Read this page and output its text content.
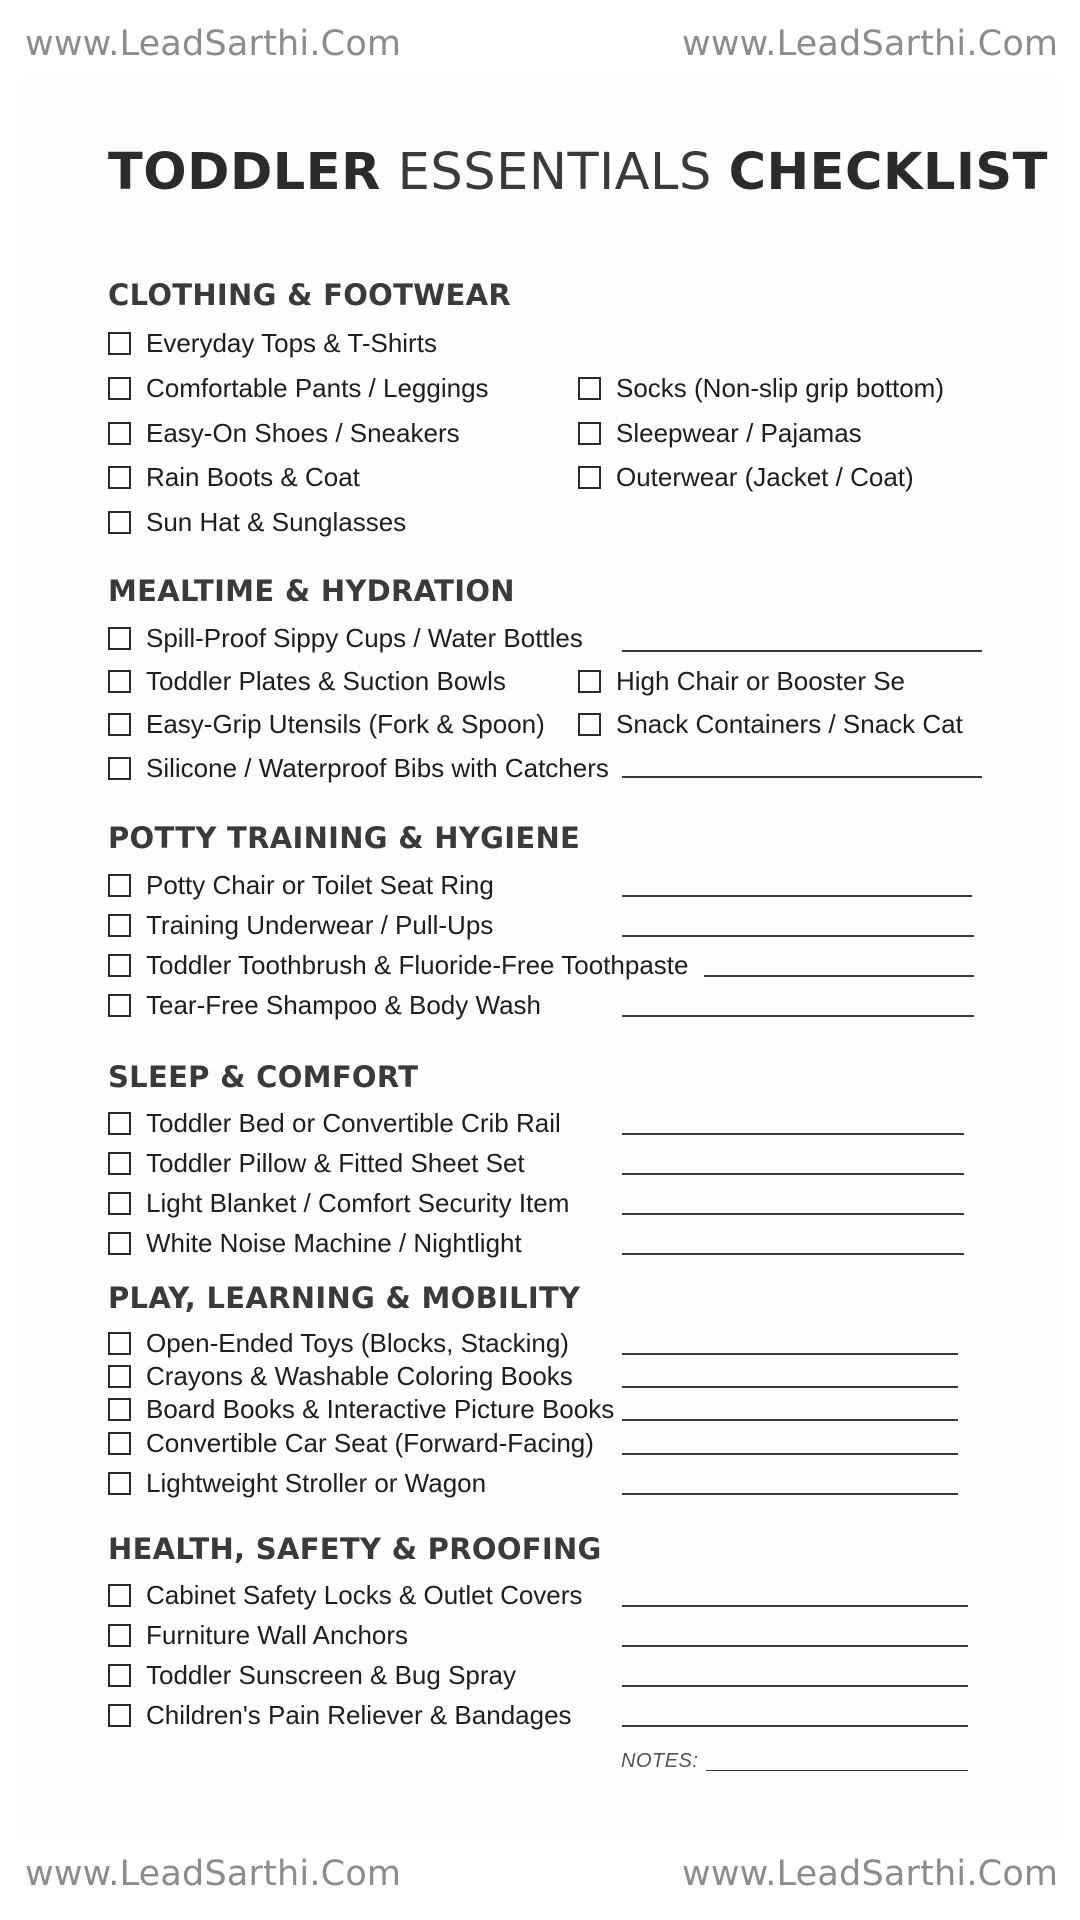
www.LeadSarthi.Com	www.LeadSarthi.Com
TODDLER ESSENTIALS CHECKLIST
CLOTHING & FOOTWEAR
Everyday Tops & T-Shirts
Comfortable Pants / Leggings
Easy-On Shoes / Sneakers
Rain Boots & Coat
Sun Hat & Sunglasses
Socks (Non-slip grip bottom)
Sleepwear / Pajamas
Outerwear (Jacket / Coat)
MEALTIME & HYDRATION
Spill-Proof Sippy Cups / Water Bottles
Toddler Plates & Suction Bowls
Easy-Grip Utensils (Fork & Spoon)
Silicone / Waterproof Bibs with Catchers
High Chair or Booster Se
Snack Containers / Snack Cat
POTTY TRAINING & HYGIENE
Potty Chair or Toilet Seat Ring
Training Underwear / Pull-Ups
Toddler Toothbrush & Fluoride-Free Toothpaste
Tear-Free Shampoo & Body Wash
SLEEP & COMFORT
Toddler Bed or Convertible Crib Rail
Toddler Pillow & Fitted Sheet Set
Light Blanket / Comfort Security Item
White Noise Machine / Nightlight
PLAY, LEARNING & MOBILITY
Open-Ended Toys (Blocks, Stacking)
Crayons & Washable Coloring Books
Board Books & Interactive Picture Books
Convertible Car Seat (Forward-Facing)
Lightweight Stroller or Wagon
HEALTH, SAFETY & PROOFING
Cabinet Safety Locks & Outlet Covers
Furniture Wall Anchors
Toddler Sunscreen & Bug Spray
Children's Pain Reliever & Bandages
NOTES:
www.LeadSarthi.Com	www.LeadSarthi.Com
